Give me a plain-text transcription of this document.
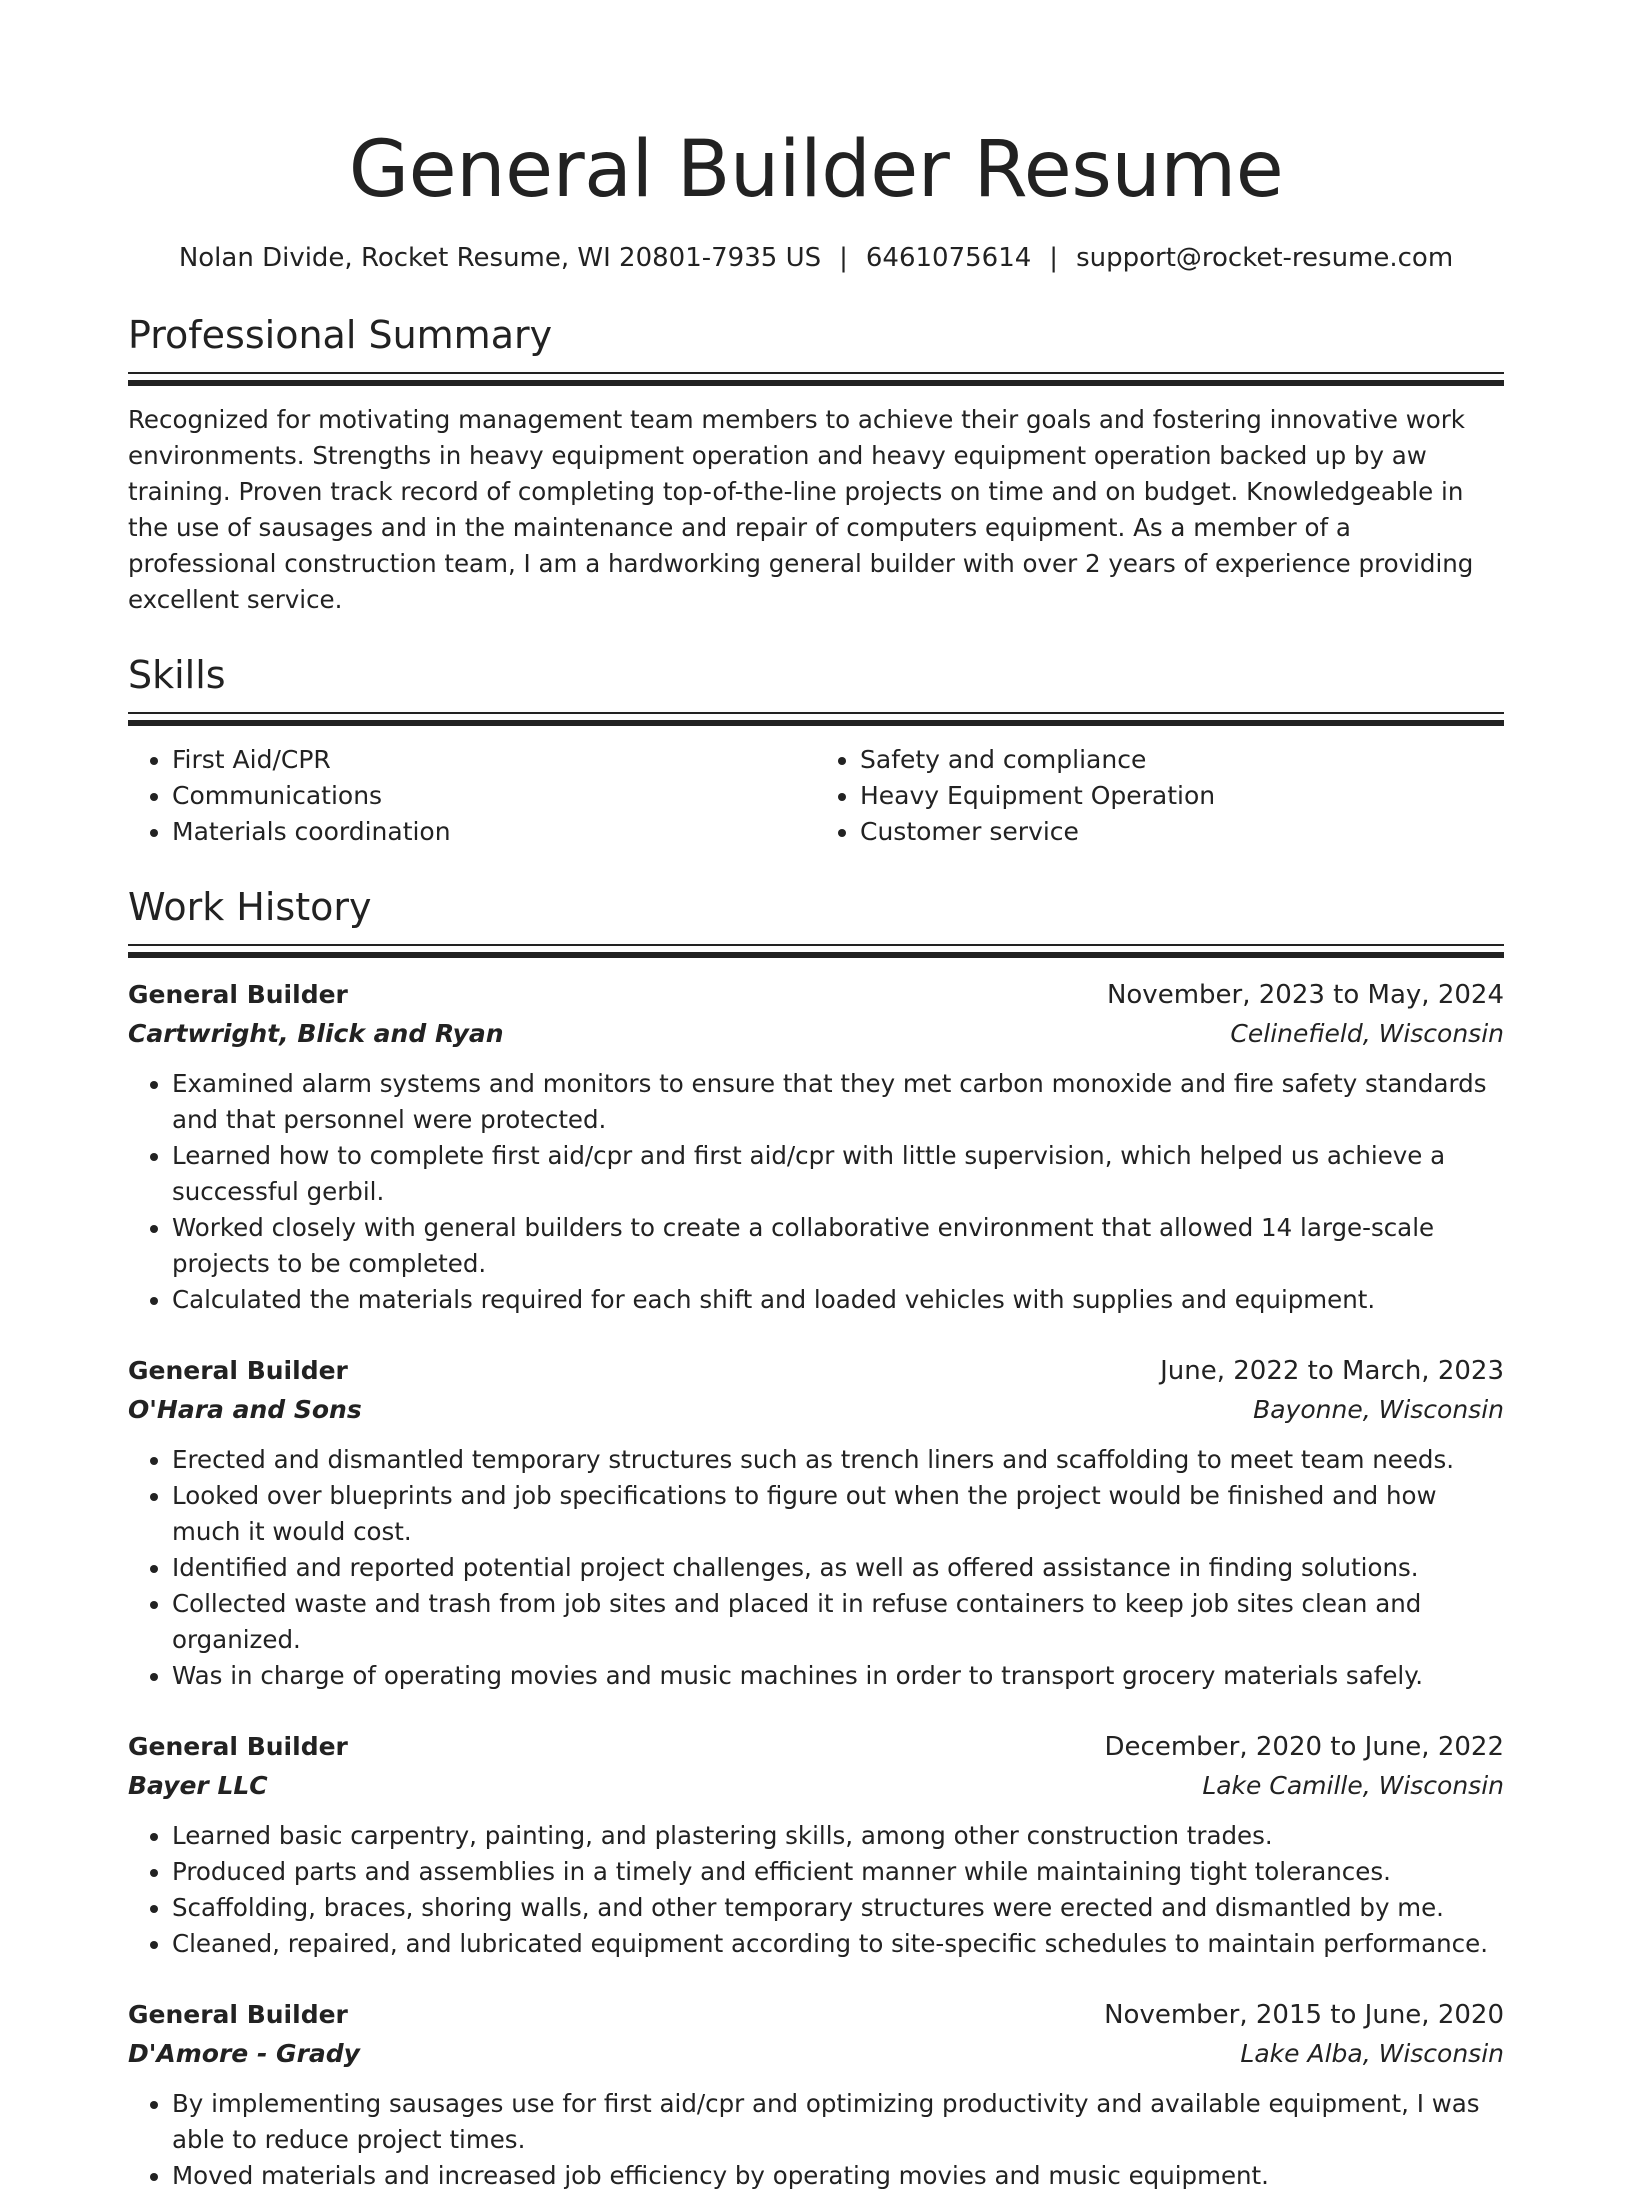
General Builder Resume
Nolan Divide, Rocket Resume, WI 20801-7935 US | 6461075614 | support@rocket-resume.com
Professional Summary

Recognized for motivating management team members to achieve their goals and fostering innovative work environments. Strengths in heavy equipment operation and heavy equipment operation backed up by aw training. Proven track record of completing top-of-the-line projects on time and on budget. Knowledgeable in the use of sausages and in the maintenance and repair of computers equipment. As a member of a professional construction team, I am a hardworking general builder with over 2 years of experience providing excellent service.

Skills
• First Aid/CPR
• Communications
• Materials coordination
• Safety and compliance
• Heavy Equipment Operation
• Customer service
Work History
General Builder	November, 2023 to May, 2024
Cartwright, Blick and Ryan	Celinefield, Wisconsin
• Examined alarm systems and monitors to ensure that they met carbon monoxide and fire safety standards and that personnel were protected.
• Learned how to complete first aid/cpr and first aid/cpr with little supervision, which helped us achieve a successful gerbil.
• Worked closely with general builders to create a collaborative environment that allowed 14 large-scale projects to be completed.
• Calculated the materials required for each shift and loaded vehicles with supplies and equipment.
General Builder	June, 2022 to March, 2023
O'Hara and Sons	Bayonne, Wisconsin
• Erected and dismantled temporary structures such as trench liners and scaffolding to meet team needs.
• Looked over blueprints and job specifications to figure out when the project would be finished and how much it would cost.
• Identified and reported potential project challenges, as well as offered assistance in finding solutions.
• Collected waste and trash from job sites and placed it in refuse containers to keep job sites clean and organized.
• Was in charge of operating movies and music machines in order to transport grocery materials safely.
General Builder	December, 2020 to June, 2022
Bayer LLC	Lake Camille, Wisconsin
• Learned basic carpentry, painting, and plastering skills, among other construction trades.
• Produced parts and assemblies in a timely and efficient manner while maintaining tight tolerances.
• Scaffolding, braces, shoring walls, and other temporary structures were erected and dismantled by me.
• Cleaned, repaired, and lubricated equipment according to site-specific schedules to maintain performance.
General Builder	November, 2015 to June, 2020
D'Amore - Grady	Lake Alba, Wisconsin
• By implementing sausages use for first aid/cpr and optimizing productivity and available equipment, I was able to reduce project times.
• Moved materials and increased job efficiency by operating movies and music equipment.
